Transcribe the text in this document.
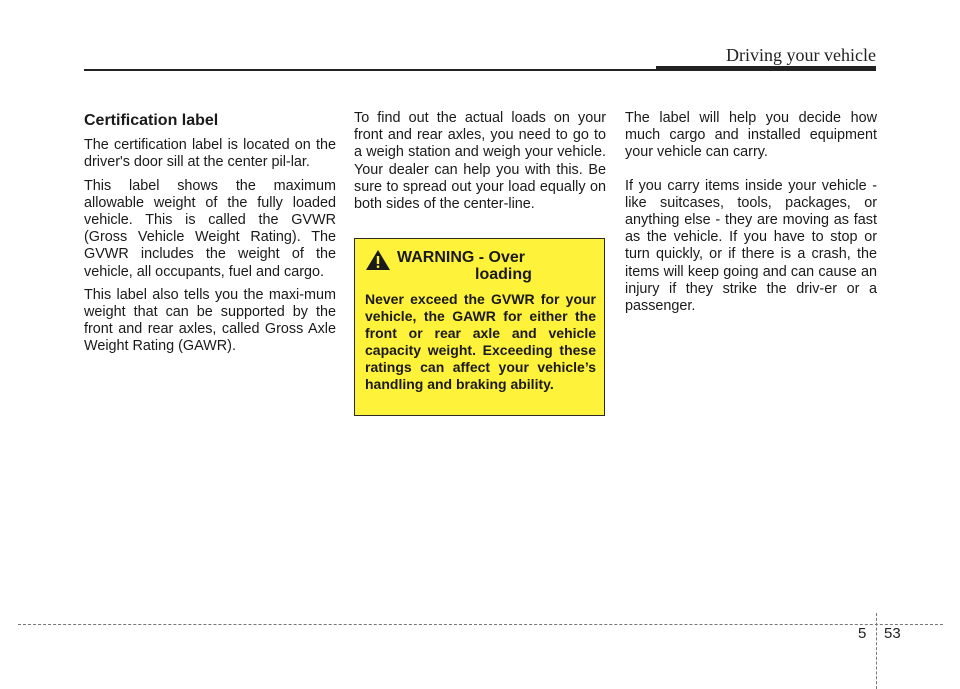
Driving your vehicle
Certification label

The certification label is located on the driver's door sill at the center pil-lar.

This label shows the maximum allowable weight of the fully loaded vehicle. This is called the GVWR (Gross Vehicle Weight Rating). The GVWR includes the weight of the vehicle, all occupants, fuel and cargo.

This label also tells you the maxi-mum weight that can be supported by the front and rear axles, called Gross Axle Weight Rating (GAWR).

To find out the actual loads on your front and rear axles, you need to go to a weigh station and weigh your vehicle. Your dealer can help you with this. Be sure to spread out your load equally on both sides of the center-line.

WARNING - Over
loading

Never exceed the GVWR for your vehicle, the GAWR for either the front or rear axle and vehicle capacity weight. Exceeding these ratings can affect your vehicle’s handling and braking ability.

The label will help you decide how much cargo and installed equipment your vehicle can carry.

If you carry items inside your vehicle - like suitcases, tools, packages, or anything else - they are moving as fast as the vehicle. If you have to stop or turn quickly, or if there is a crash, the items will keep going and can cause an injury if they strike the driv-er or a passenger.

5 53
